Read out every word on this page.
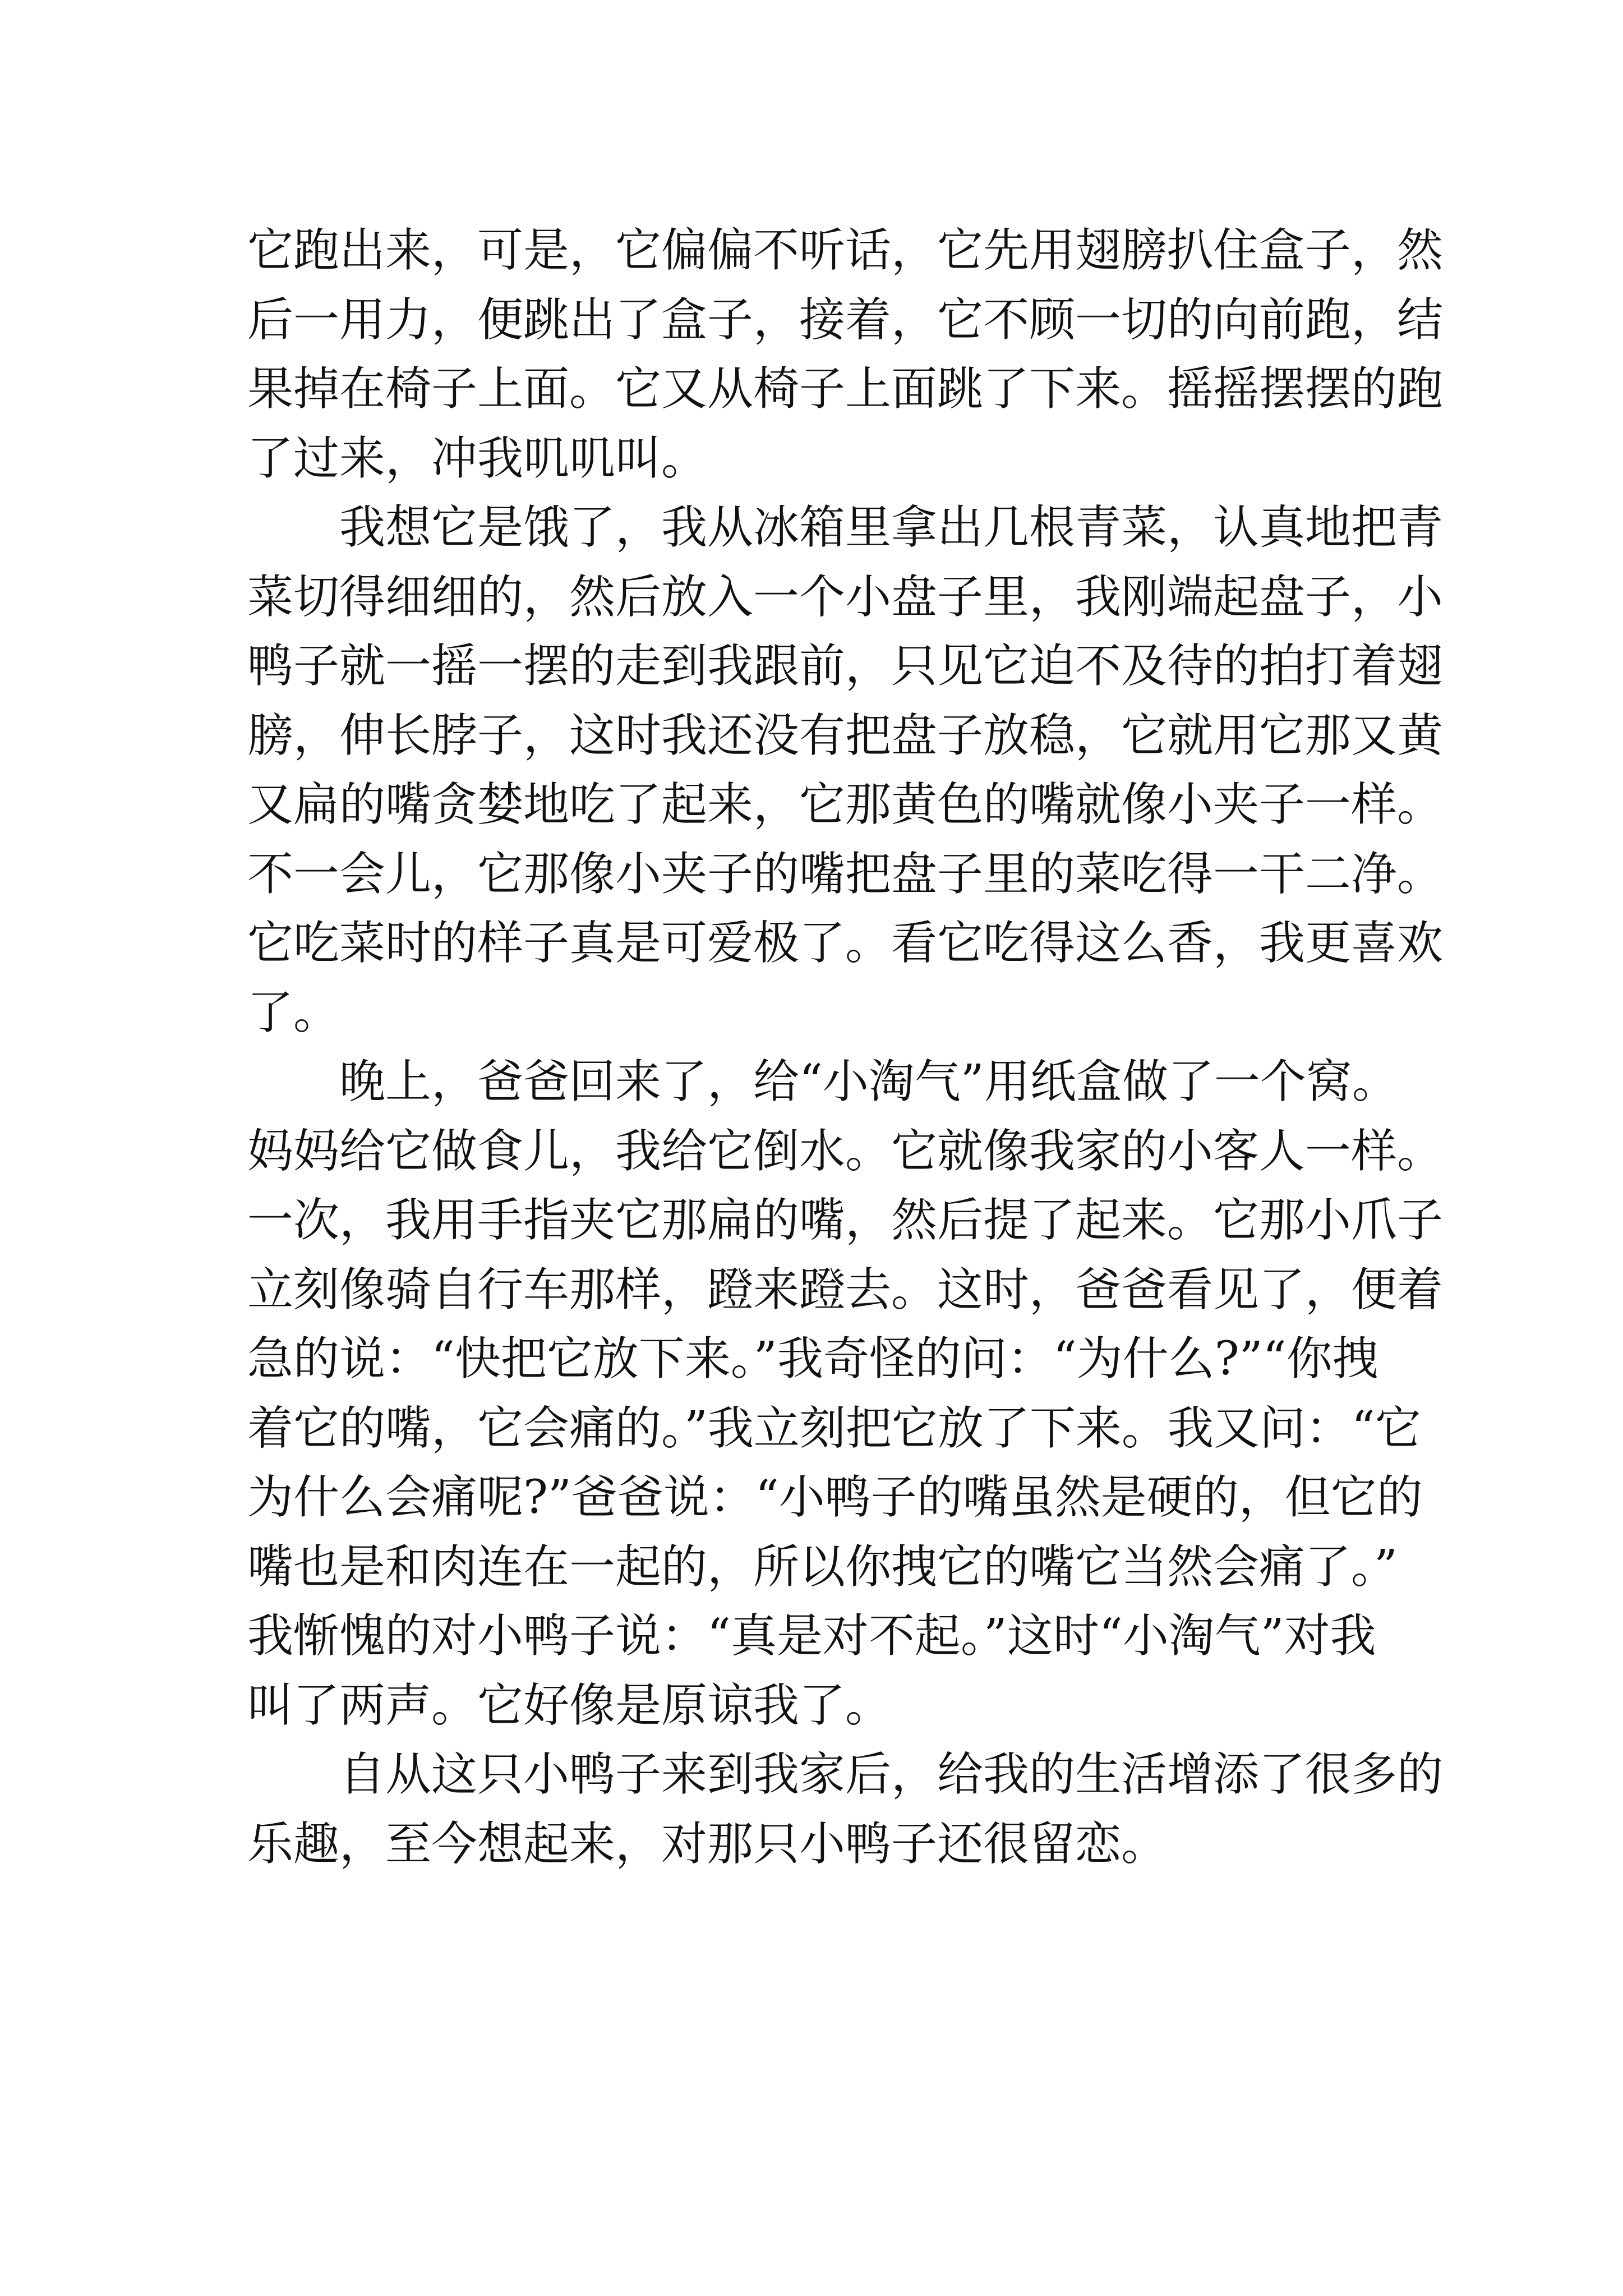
它跑出来，可是，它偏偏不听话，它先用翅膀扒住盒子，然
后一用力，便跳出了盒子，接着，它不顾一切的向前跑，结
果掉在椅子上面。它又从椅子上面跳了下来。摇摇摆摆的跑
了过来，冲我叽叽叫。
　　我想它是饿了，我从冰箱里拿出几根青菜，认真地把青
菜切得细细的，然后放入一个小盘子里，我刚端起盘子，小
鸭子就一摇一摆的走到我跟前，只见它迫不及待的拍打着翅
膀，伸长脖子，这时我还没有把盘子放稳，它就用它那又黄
又扁的嘴贪婪地吃了起来，它那黄色的嘴就像小夹子一样。
不一会儿，它那像小夹子的嘴把盘子里的菜吃得一干二净。
它吃菜时的样子真是可爱极了。看它吃得这么香，我更喜欢
了。
　　晚上，爸爸回来了，给“小淘气”用纸盒做了一个窝。
妈妈给它做食儿，我给它倒水。它就像我家的小客人一样。
一次，我用手指夹它那扁的嘴，然后提了起来。它那小爪子
立刻像骑自行车那样，蹬来蹬去。这时，爸爸看见了，便着
急的说：“快把它放下来。”我奇怪的问：“为什么?”“你拽
着它的嘴，它会痛的。”我立刻把它放了下来。我又问：“它
为什么会痛呢?”爸爸说：“小鸭子的嘴虽然是硬的，但它的
嘴也是和肉连在一起的，所以你拽它的嘴它当然会痛了。”
我惭愧的对小鸭子说：“真是对不起。”这时“小淘气”对我
叫了两声。它好像是原谅我了。
　　自从这只小鸭子来到我家后，给我的生活增添了很多的
乐趣，至今想起来，对那只小鸭子还很留恋。
